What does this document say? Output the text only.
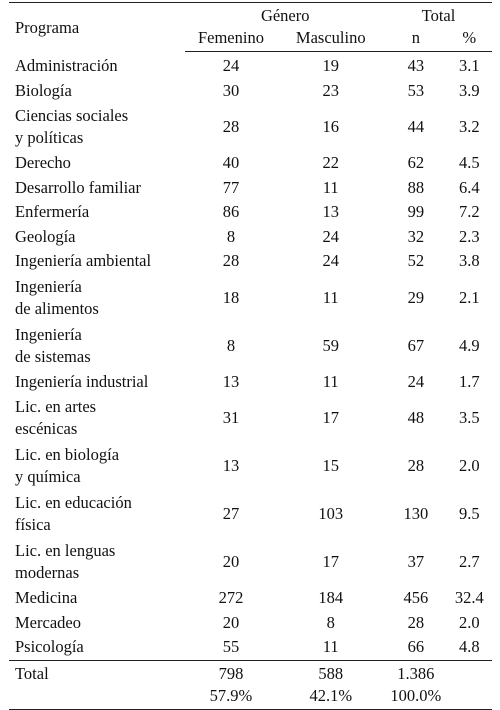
Programa	Género		Total	
	Femenino	Masculino	n	%

Administración	24	19	43	3.1

Biología	30	23	53	3.9

Ciencias sociales
y políticas	28	16	44	3.2

Derecho	40	22	62	4.5

Desarrollo familiar	77	11	88	6.4

Enfermería	86	13	99	7.2

Geología	8	24	32	2.3

Ingeniería ambiental	28	24	52	3.8

Ingeniería
de alimentos	18	11	29	2.1

Ingeniería
de sistemas	8	59	67	4.9

Ingeniería industrial	13	11	24	1.7

Lic. en artes
escénicas	31	17	48	3.5

Lic. en biología
y química	13	15	28	2.0

Lic. en educación
física	27	103	130	9.5

Lic. en lenguas
modernas	20	17	37	2.7

Medicina	272	184	456	32.4

Mercadeo	20	8	28	2.0

Psicología	55	11	66	4.8
Total	798	588	1.386	
	57.9%	42.1%	100.0%	
